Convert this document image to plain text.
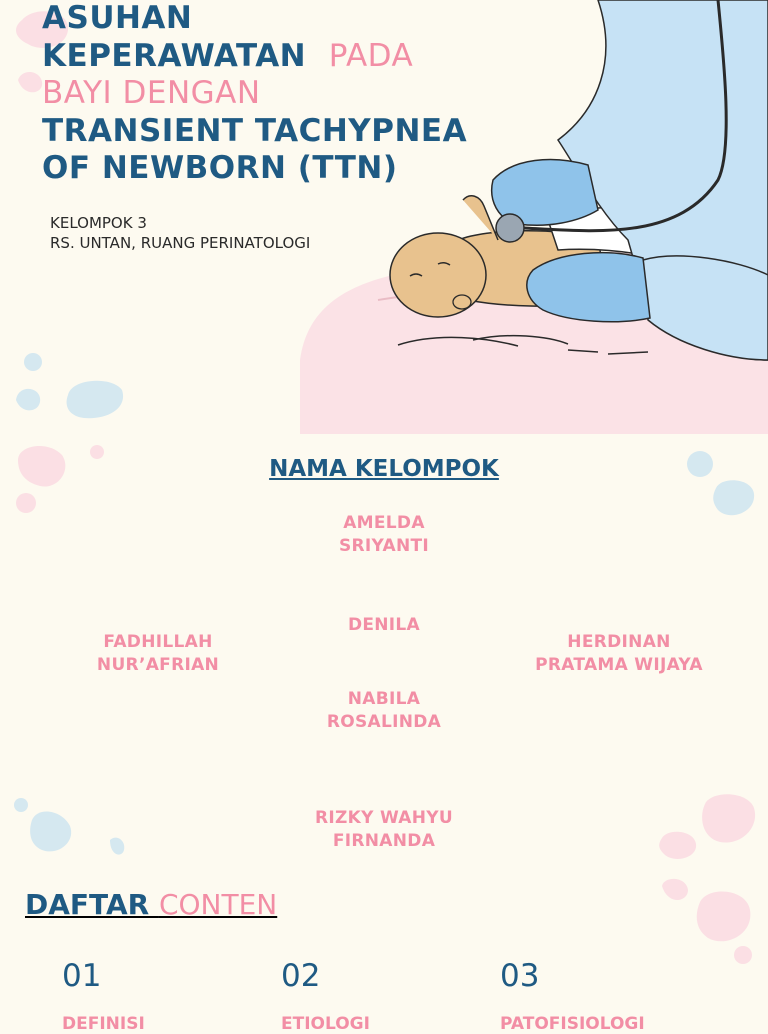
ASUHAN
KEPERAWATAN PADA
BAYI DENGAN
TRANSIENT TACHYPNEA
OF NEWBORN (TTN)
KELOMPOK 3
RS. UNTAN, RUANG PERINATOLOGI
NAMA KELOMPOK
AMELDA
SRIYANTI
DENILA
FADHILLAH
NUR’AFRIAN
HERDINAN
PRATAMA WIJAYA
NABILA
ROSALINDA
RIZKY WAHYU
FIRNANDA
DAFTAR CONTEN
01	02	03
DEFINISI	ETIOLOGI	PATOFISIOLOGI
